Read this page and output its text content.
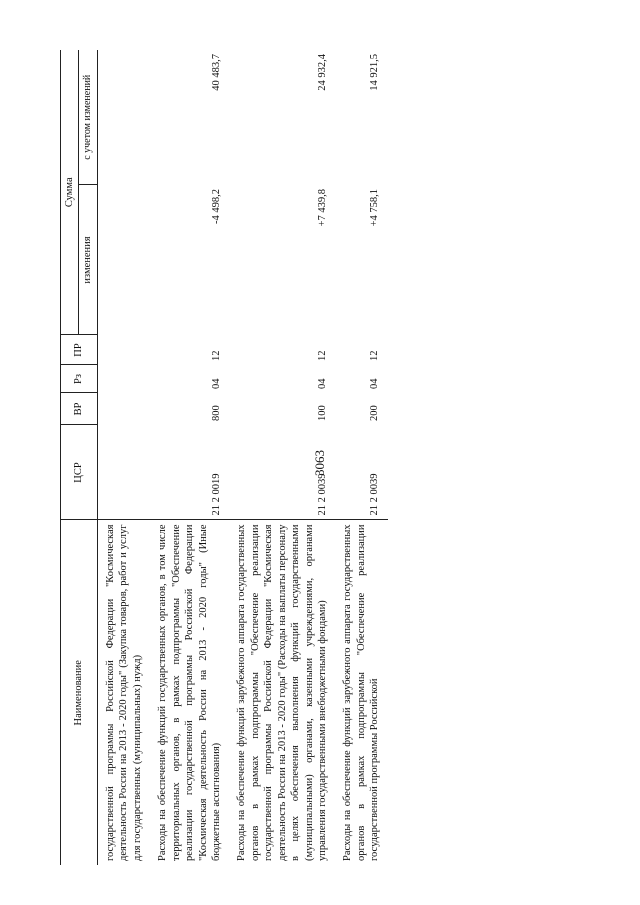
3063
Наименование	ЦСР	ВР	Рз	ПР	Сумма	
					изменения	с учетом изменений
государственной программы Российской Федерации "Космическая деятельность России на 2013 - 2020 годы" (Закупка товаров, работ и услуг для государственных (муниципальных) нужд)						
Расходы на обеспечение функций государственных органов, в том числе территориальных органов, в рамках подпрограммы "Обеспечение реализации государственной программы Российской Федерации "Космическая деятельность России на 2013 - 2020 годы" (Иные бюджетные ассигнования)	21 2 0019	800	04	12	-4 498,2	40 483,7
Расходы на обеспечение функций зарубежного аппарата государственных органов в рамках подпрограммы "Обеспечение реализации государственной программы Российской Федерации "Космическая деятельность России на 2013 - 2020 годы" (Расходы на выплаты персоналу в целях обеспечения выполнения функций государственными (муниципальными) органами, казенными учреждениями, органами управления государственными внебюджетными фондами)	21 2 0039	100	04	12	+7 439,8	24 932,4
Расходы на обеспечение функций зарубежного аппарата государственных органов в рамках подпрограммы "Обеспечение реализации государственной программы Российской	21 2 0039	200	04	12	+4 758,1	14 921,5
